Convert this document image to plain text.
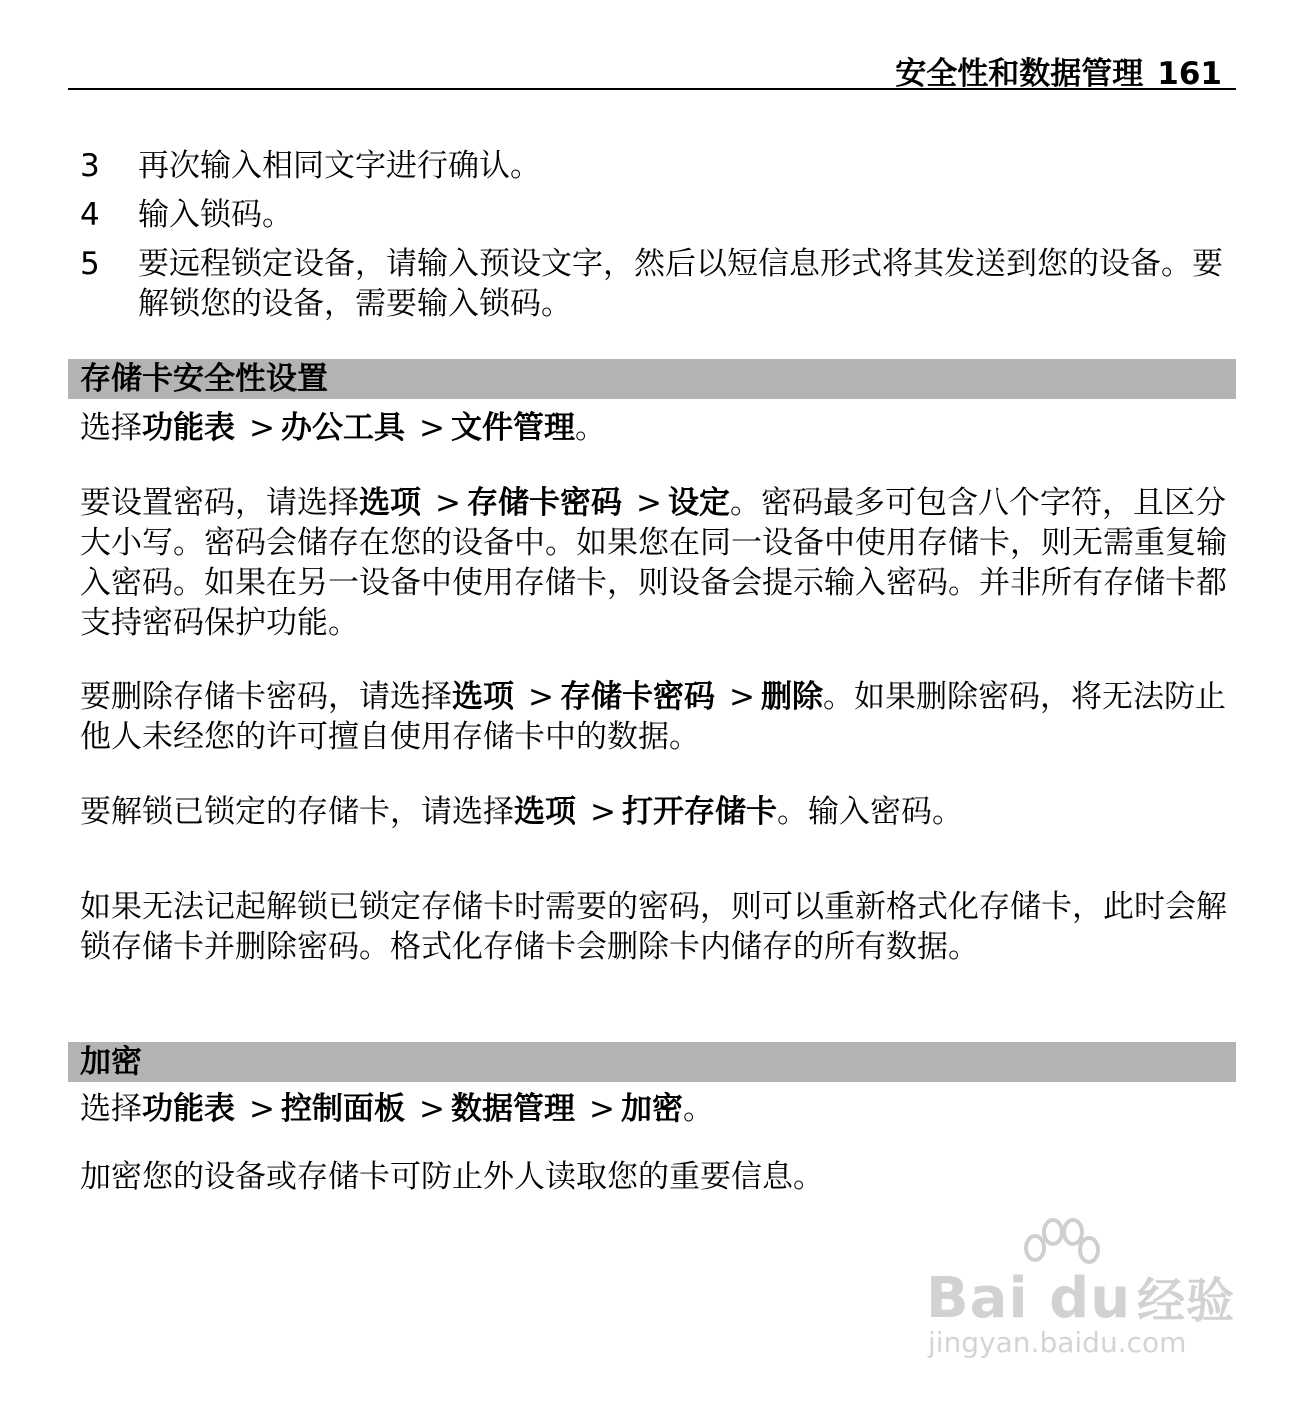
安全性和数据管理 161
3	再次输入相同文字进行确认。
4	输入锁码。
5	要远程锁定设备，请输入预设文字，然后以短信息形式将其发送到您的设备。要解锁您的设备，需要输入锁码。
存储卡安全性设置
选择功能表 > 办公工具 > 文件管理。
要设置密码，请选择选项 > 存储卡密码 > 设定。密码最多可包含八个字符，且区分大小写。密码会储存在您的设备中。如果您在同一设备中使用存储卡，则无需重复输入密码。如果在另一设备中使用存储卡，则设备会提示输入密码。并非所有存储卡都支持密码保护功能。
要删除存储卡密码，请选择选项 > 存储卡密码 > 删除。如果删除密码，将无法防止他人未经您的许可擅自使用存储卡中的数据。
要解锁已锁定的存储卡，请选择选项 > 打开存储卡。输入密码。
如果无法记起解锁已锁定存储卡时需要的密码，则可以重新格式化存储卡，此时会解锁存储卡并删除密码。格式化存储卡会删除卡内储存的所有数据。
加密
选择功能表 > 控制面板 > 数据管理 > 加密。
加密您的设备或存储卡可防止外人读取您的重要信息。
Bai du 经验
jingyan.baidu.com
